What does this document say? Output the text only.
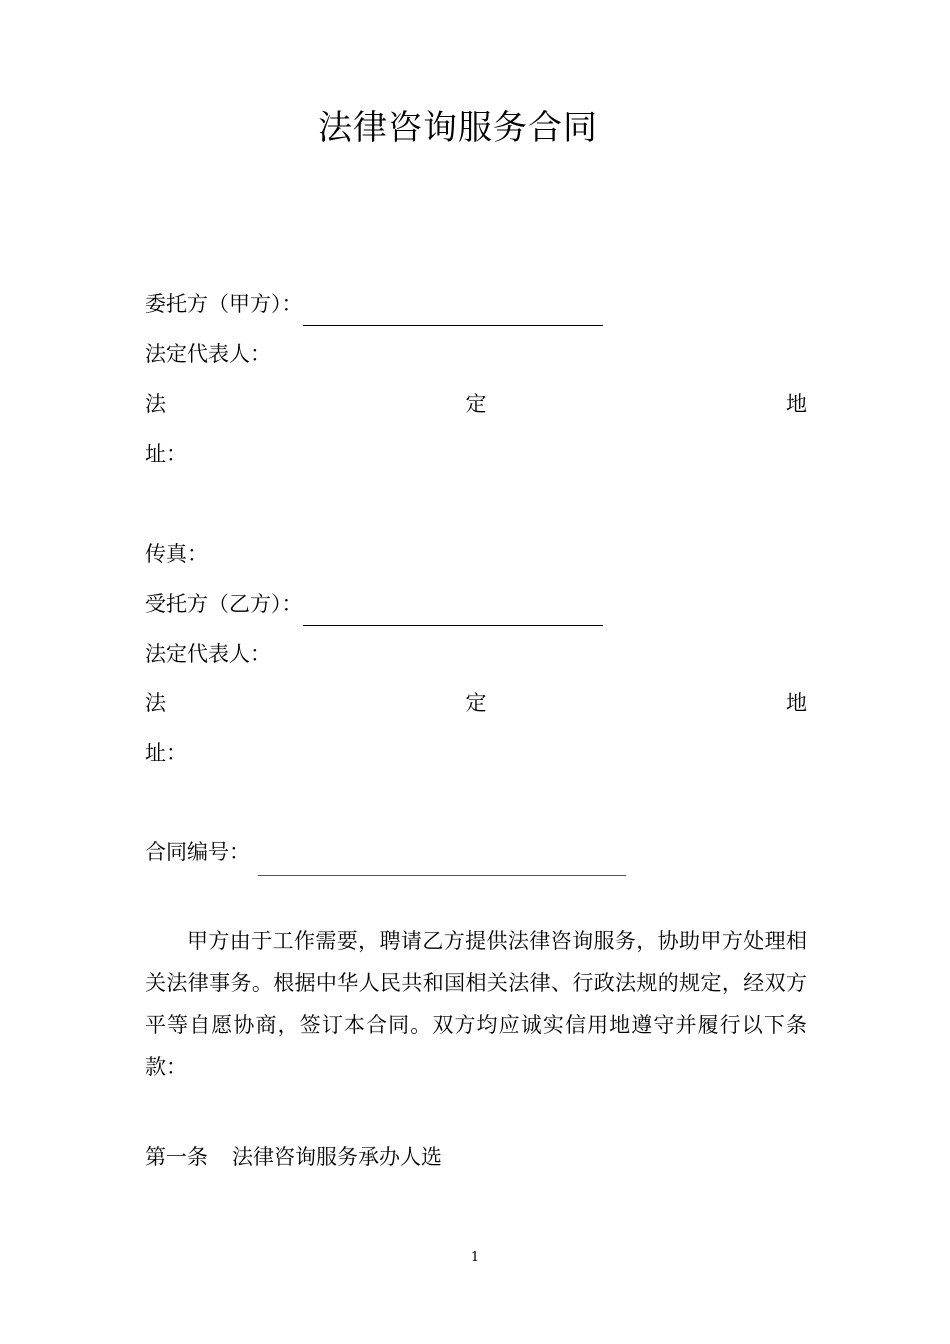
法律咨询服务合同
委托方（甲方）：
法定代表人：
法	定	地
址：
传真：
受托方（乙方）：
法定代表人：
法	定	地
址：
合同编号：
甲方由于工作需要，聘请乙方提供法律咨询服务，协助甲方处理相关法律事务。根据中华人民共和国相关法律、行政法规的规定，经双方平等自愿协商，签订本合同。双方均应诚实信用地遵守并履行以下条款：
第一条 法律咨询服务承办人选
1
